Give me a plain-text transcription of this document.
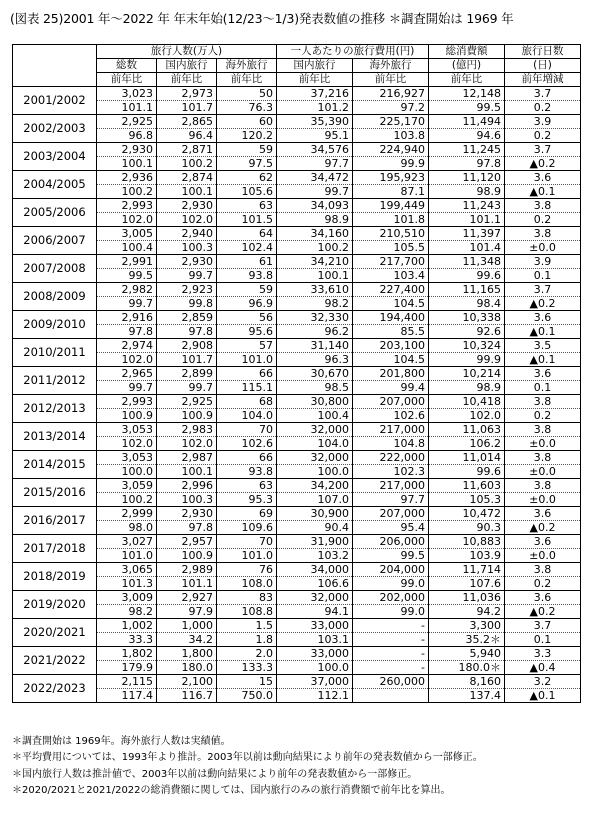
(図表 25)2001 年～2022 年 年末年始(12/23～1/3)発表数値の推移 ＊調査開始は 1969 年
	旅行人数(万人)			一人あたりの旅行費用(円)		総消費額	旅行日数
	総数	国内旅行	海外旅行	国内旅行	海外旅行	(億円)	(日)
	前年比	前年比	前年比	前年比	前年比	前年比	前年増減
2001/2002	3,023	2,973	50	37,216	216,927	12,148	3.7
	101.1	101.7	76.3	101.2	97.2	99.5	0.2
2002/2003	2,925	2,865	60	35,390	225,170	11,494	3.9
	96.8	96.4	120.2	95.1	103.8	94.6	0.2
2003/2004	2,930	2,871	59	34,576	224,940	11,245	3.7
	100.1	100.2	97.5	97.7	99.9	97.8	▲0.2
2004/2005	2,936	2,874	62	34,472	195,923	11,120	3.6
	100.2	100.1	105.6	99.7	87.1	98.9	▲0.1
2005/2006	2,993	2,930	63	34,093	199,449	11,243	3.8
	102.0	102.0	101.5	98.9	101.8	101.1	0.2
2006/2007	3,005	2,940	64	34,160	210,510	11,397	3.8
	100.4	100.3	102.4	100.2	105.5	101.4	±0.0
2007/2008	2,991	2,930	61	34,210	217,700	11,348	3.9
	99.5	99.7	93.8	100.1	103.4	99.6	0.1
2008/2009	2,982	2,923	59	33,610	227,400	11,165	3.7
	99.7	99.8	96.9	98.2	104.5	98.4	▲0.2
2009/2010	2,916	2,859	56	32,330	194,400	10,338	3.6
	97.8	97.8	95.6	96.2	85.5	92.6	▲0.1
2010/2011	2,974	2,908	57	31,140	203,100	10,324	3.5
	102.0	101.7	101.0	96.3	104.5	99.9	▲0.1
2011/2012	2,965	2,899	66	30,670	201,800	10,214	3.6
	99.7	99.7	115.1	98.5	99.4	98.9	0.1
2012/2013	2,993	2,925	68	30,800	207,000	10,418	3.8
	100.9	100.9	104.0	100.4	102.6	102.0	0.2
2013/2014	3,053	2,983	70	32,000	217,000	11,063	3.8
	102.0	102.0	102.6	104.0	104.8	106.2	±0.0
2014/2015	3,053	2,987	66	32,000	222,000	11,014	3.8
	100.0	100.1	93.8	100.0	102.3	99.6	±0.0
2015/2016	3,059	2,996	63	34,200	217,000	11,603	3.8
	100.2	100.3	95.3	107.0	97.7	105.3	±0.0
2016/2017	2,999	2,930	69	30,900	207,000	10,472	3.6
	98.0	97.8	109.6	90.4	95.4	90.3	▲0.2
2017/2018	3,027	2,957	70	31,900	206,000	10,883	3.6
	101.0	100.9	101.0	103.2	99.5	103.9	±0.0
2018/2019	3,065	2,989	76	34,000	204,000	11,714	3.8
	101.3	101.1	108.0	106.6	99.0	107.6	0.2
2019/2020	3,009	2,927	83	32,000	202,000	11,036	3.6
	98.2	97.9	108.8	94.1	99.0	94.2	▲0.2
2020/2021	1,002	1,000	1.5	33,000	-	3,300	3.7
	33.3	34.2	1.8	103.1	-	35.2＊	0.1
2021/2022	1,802	1,800	2.0	33,000	-	5,940	3.3
	179.9	180.0	133.3	100.0	-	180.0＊	▲0.4
2022/2023	2,115	2,100	15	37,000	260,000	8,160	3.2
	117.4	116.7	750.0	112.1		137.4	▲0.1
＊調査開始は 1969年。海外旅行人数は実績値。
＊平均費用については、1993年より推計。2003年以前は動向結果により前年の発表数値から一部修正。
＊国内旅行人数は推計値で、2003年以前は動向結果により前年の発表数値から一部修正。
＊2020/2021と2021/2022の総消費額に関しては、国内旅行のみの旅行消費額で前年比を算出。
